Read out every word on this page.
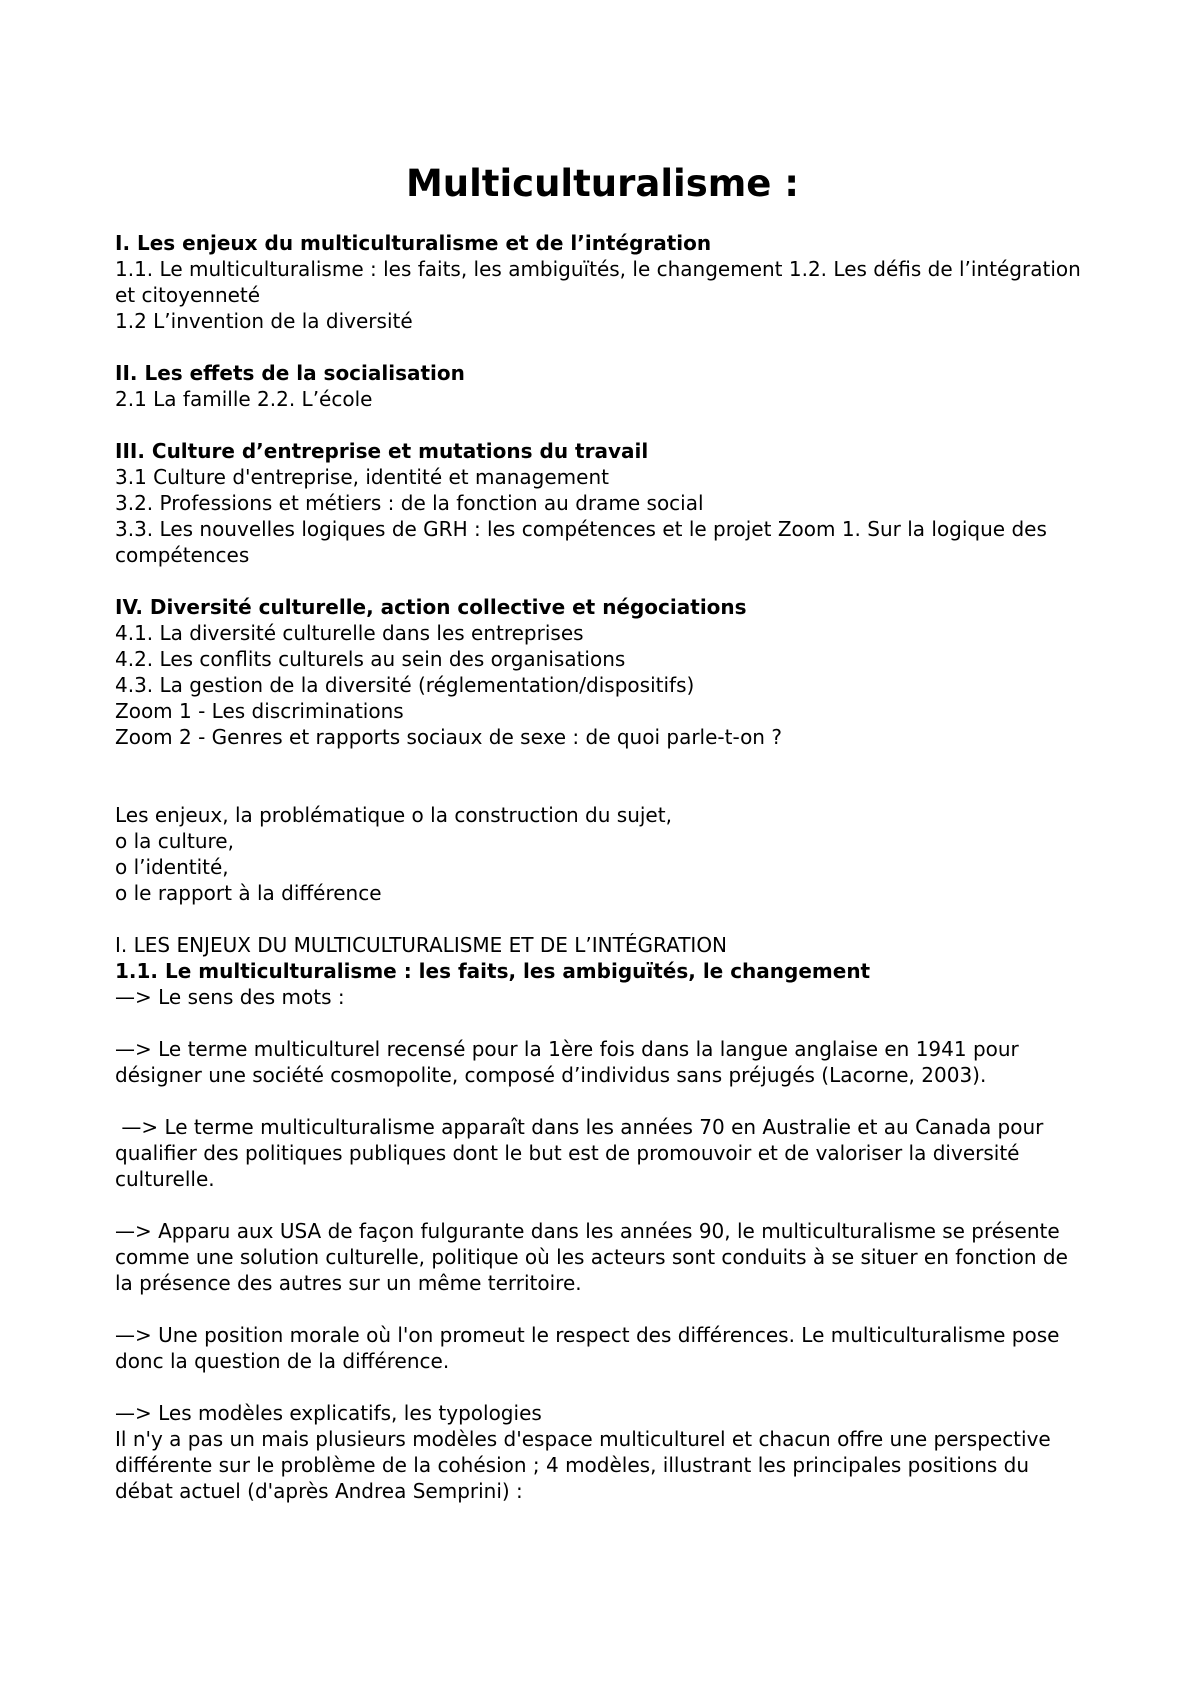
Multiculturalisme :

I. Les enjeux du multiculturalisme et de l’intégration

1.1. Le multiculturalisme : les faits, les ambiguïtés, le changement 1.2. Les défis de l’intégration et citoyenneté

1.2 L’invention de la diversité

II. Les effets de la socialisation

2.1 La famille 2.2. L’école

III. Culture d’entreprise et mutations du travail

3.1 Culture d'entreprise, identité et management

3.2. Professions et métiers : de la fonction au drame social

3.3. Les nouvelles logiques de GRH : les compétences et le projet Zoom 1. Sur la logique des compétences

IV. Diversité culturelle, action collective et négociations

4.1. La diversité culturelle dans les entreprises

4.2. Les conflits culturels au sein des organisations

4.3. La gestion de la diversité (réglementation/dispositifs)

Zoom 1 - Les discriminations

Zoom 2 - Genres et rapports sociaux de sexe : de quoi parle-t-on ?

Les enjeux, la problématique o la construction du sujet,

o la culture,

o l’identité,

o le rapport à la différence

I. LES ENJEUX DU MULTICULTURALISME ET DE L’INTÉGRATION

1.1. Le multiculturalisme : les faits, les ambiguïtés, le changement

—> Le sens des mots :

—> Le terme multiculturel recensé pour la 1ère fois dans la langue anglaise en 1941 pour désigner une société cosmopolite, composé d’individus sans préjugés (Lacorne, 2003).

—> Le terme multiculturalisme apparaît dans les années 70 en Australie et au Canada pour qualifier des politiques publiques dont le but est de promouvoir et de valoriser la diversité culturelle.

—> Apparu aux USA de façon fulgurante dans les années 90, le multiculturalisme se présente comme une solution culturelle, politique où les acteurs sont conduits à se situer en fonction de la présence des autres sur un même territoire.

—> Une position morale où l'on promeut le respect des différences. Le multiculturalisme pose donc la question de la différence.

—> Les modèles explicatifs, les typologies

Il n'y a pas un mais plusieurs modèles d'espace multiculturel et chacun offre une perspective différente sur le problème de la cohésion ; 4 modèles, illustrant les principales positions du débat actuel (d'après Andrea Semprini) :
